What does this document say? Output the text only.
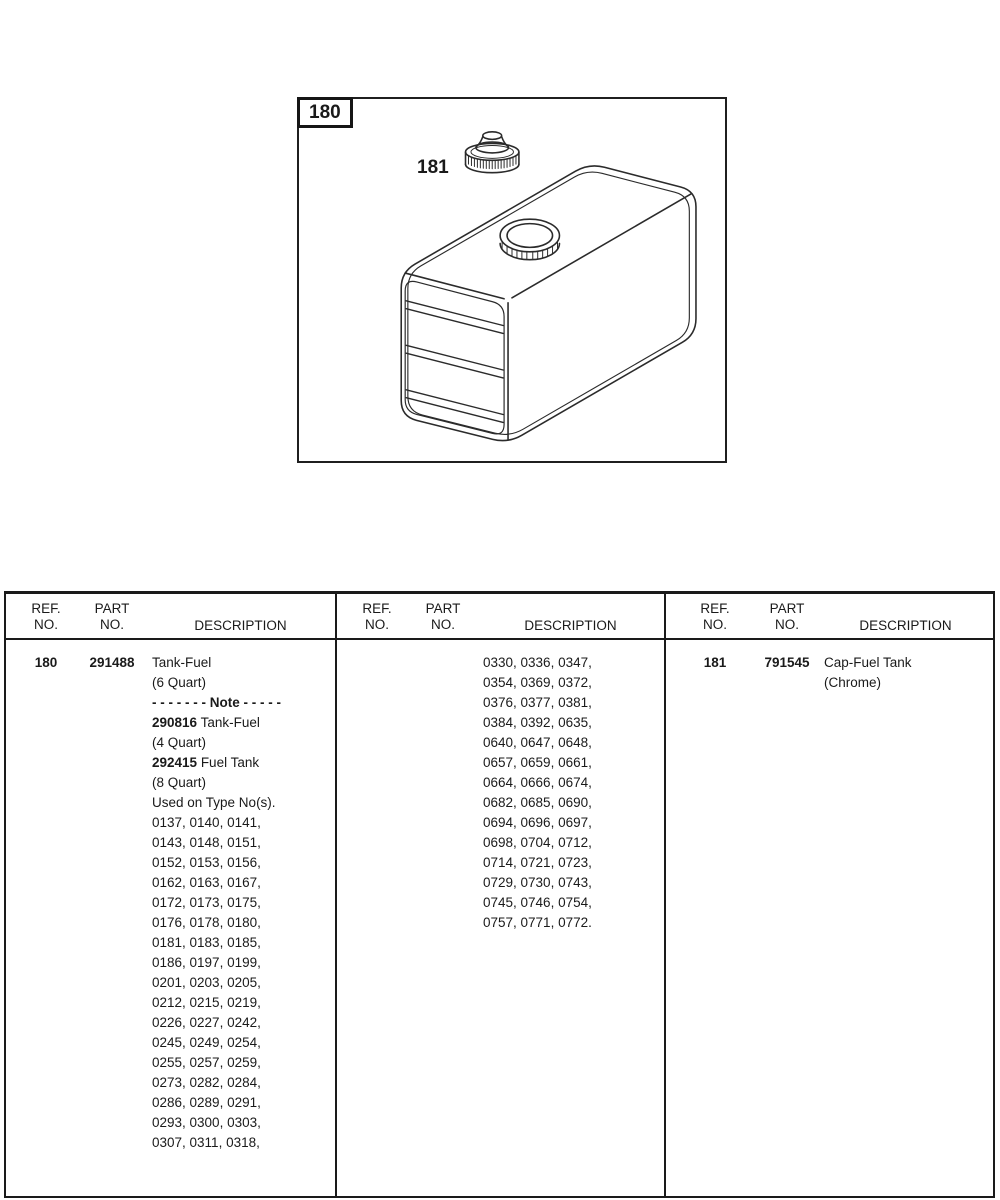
180
181
REF.
NO.
PART
NO.	DESCRIPTION
180	291488	Tank-Fuel
(6 Quart)
- - - - - - - Note - - - - -
290816 Tank-Fuel
(4 Quart)
292415 Fuel Tank
(8 Quart)
Used on Type No(s).
0137, 0140, 0141,
0143, 0148, 0151,
0152, 0153, 0156,
0162, 0163, 0167,
0172, 0173, 0175,
0176, 0178, 0180,
0181, 0183, 0185,
0186, 0197, 0199,
0201, 0203, 0205,
0212, 0215, 0219,
0226, 0227, 0242,
0245, 0249, 0254,
0255, 0257, 0259,
0273, 0282, 0284,
0286, 0289, 0291,
0293, 0300, 0303,
0307, 0311, 0318,
REF.
NO.
PART
NO.	DESCRIPTION
0330, 0336, 0347,
0354, 0369, 0372,
0376, 0377, 0381,
0384, 0392, 0635,
0640, 0647, 0648,
0657, 0659, 0661,
0664, 0666, 0674,
0682, 0685, 0690,
0694, 0696, 0697,
0698, 0704, 0712,
0714, 0721, 0723,
0729, 0730, 0743,
0745, 0746, 0754,
0757, 0771, 0772.
REF.
NO.
PART
NO.	DESCRIPTION
181	791545	Cap-Fuel Tank
(Chrome)
